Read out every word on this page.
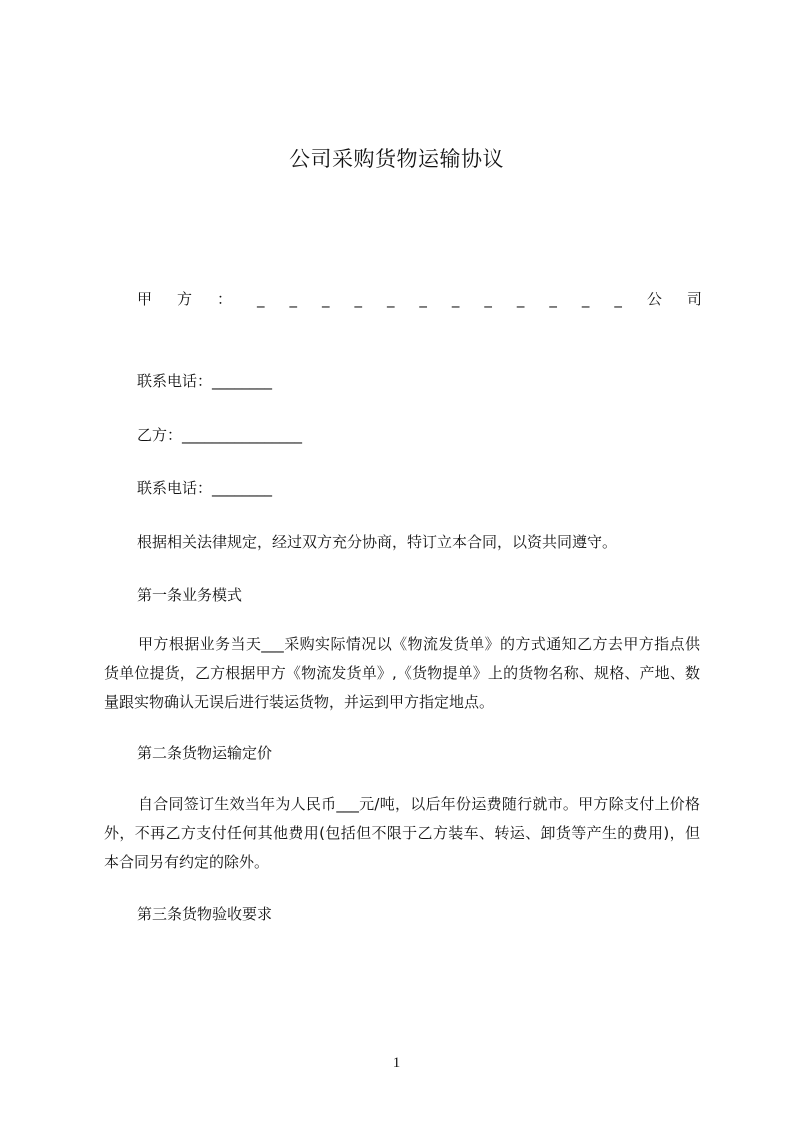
公司采购货物运输协议
甲 方 ： _ _ _ _ _ _ _ _ _ _ _ _ 公 司
联系电话：________
乙方：________________
联系电话：________
根据相关法律规定，经过双方充分协商，特订立本合同，以资共同遵守。
第一条业务模式
甲方根据业务当天___采购实际情况以《物流发货单》的方式通知乙方去甲方指点供货单位提货，乙方根据甲方《物流发货单》,《货物提单》上的货物名称、规格、产地、数量跟实物确认无误后进行装运货物，并运到甲方指定地点。
第二条货物运输定价
自合同签订生效当年为人民币___元/吨，以后年份运费随行就市。甲方除支付上价格外，不再乙方支付任何其他费用(包括但不限于乙方装车、转运、卸货等产生的费用)，但本合同另有约定的除外。
第三条货物验收要求
1
